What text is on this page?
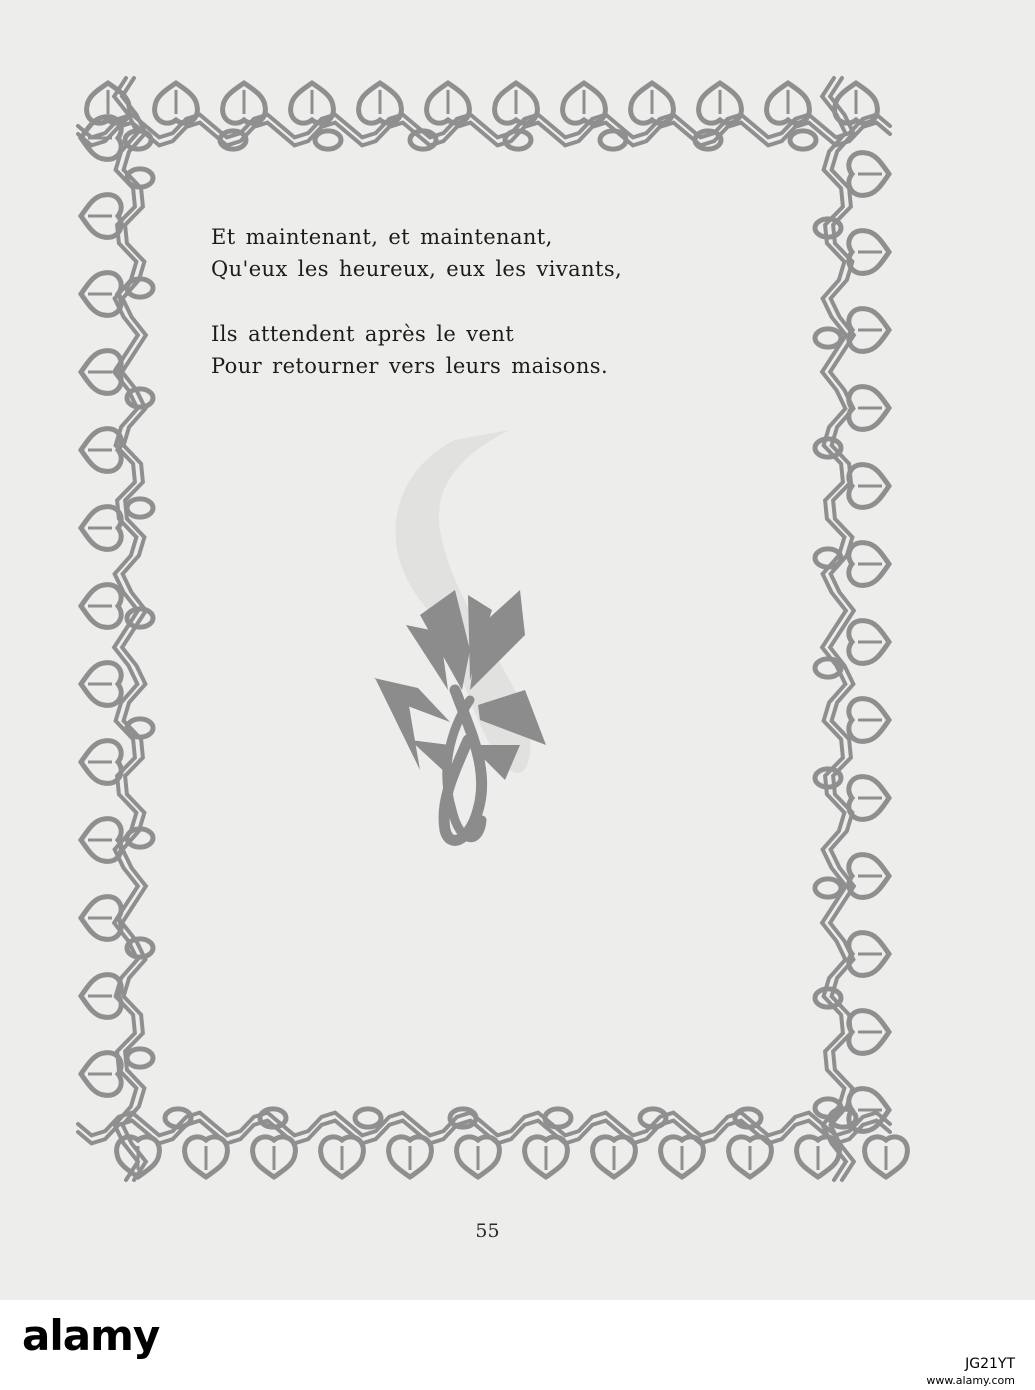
Et maintenant, et maintenant,
Qu'eux les heureux, eux les vivants,
Ils attendent après le vent
Pour retourner vers leurs maisons.
55
alamy
JG21YT
www.alamy.com
